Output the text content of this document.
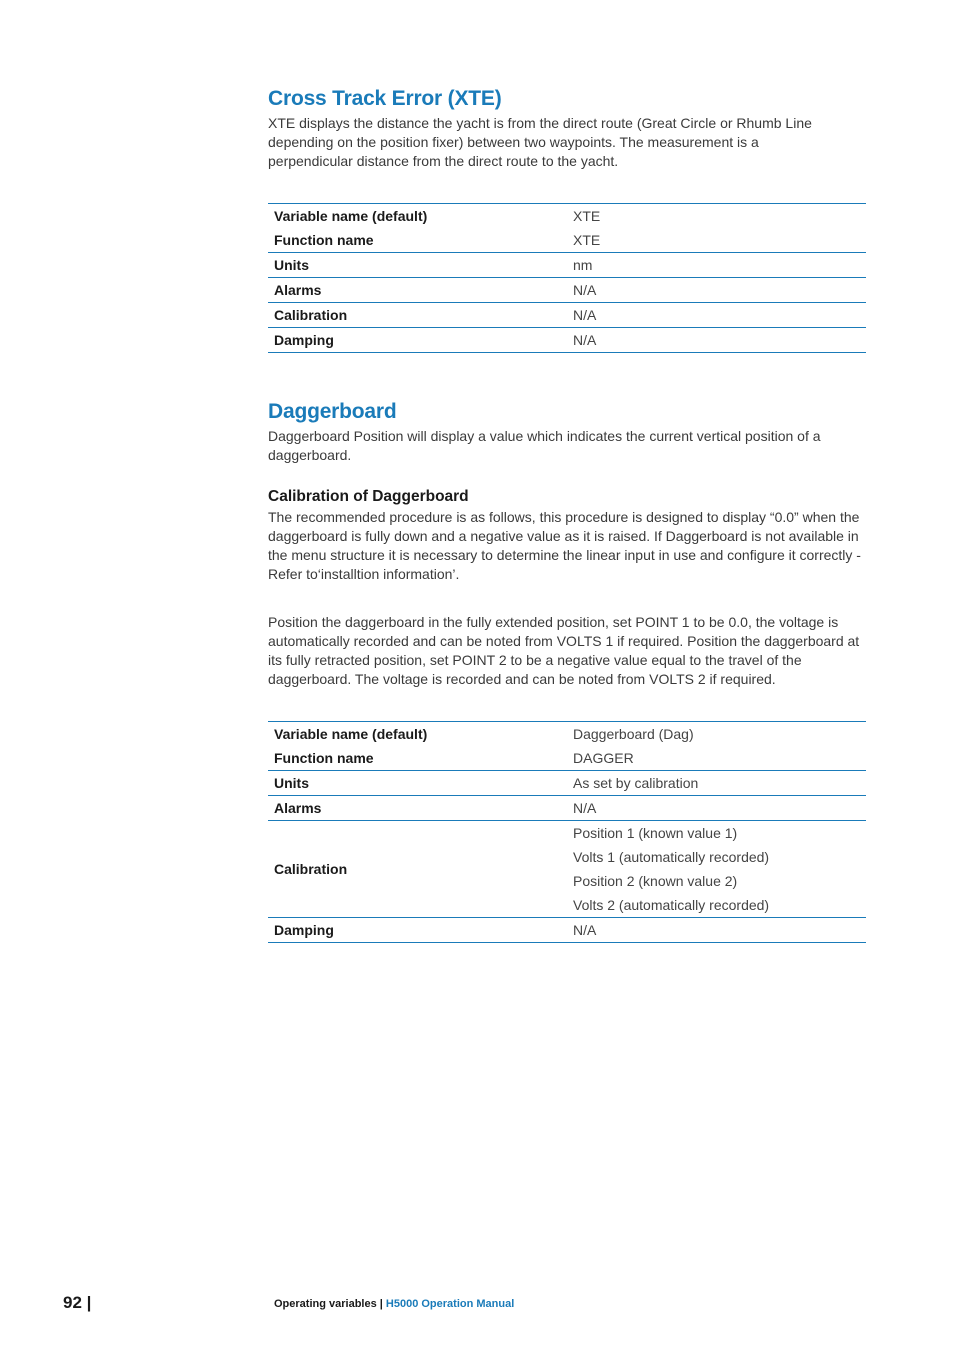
Cross Track Error (XTE)

XTE displays the distance the yacht is from the direct route (Great Circle or Rhumb Line depending on the position fixer) between two waypoints. The measurement is a perpendicular distance from the direct route to the yacht.

Variable name (default)	XTE
Function name	XTE
Units	nm
Alarms	N/A
Calibration	N/A
Damping	N/A
Daggerboard

Daggerboard Position will display a value which indicates the current vertical position of a daggerboard.

Calibration of Daggerboard

The recommended procedure is as follows, this procedure is designed to display “0.0” when the daggerboard is fully down and a negative value as it is raised. If Daggerboard is not available in the menu structure it is necessary to determine the linear input in use and configure it correctly - Refer to‘installtion information’.

Position the daggerboard in the fully extended position, set POINT 1 to be 0.0, the voltage is automatically recorded and can be noted from VOLTS 1 if required. Position the daggerboard at its fully retracted position, set POINT 2 to be a negative value equal to the travel of the daggerboard. The voltage is recorded and can be noted from VOLTS 2 if required.

Variable name (default)	Daggerboard (Dag)
Function name	DAGGER
Units	As set by calibration
Alarms	N/A
Calibration	Position 1 (known value 1)
	Volts 1 (automatically recorded)
	Position 2 (known value 2)
	Volts 2 (automatically recorded)
Damping	N/A
92 |	Operating variables | H5000 Operation Manual
